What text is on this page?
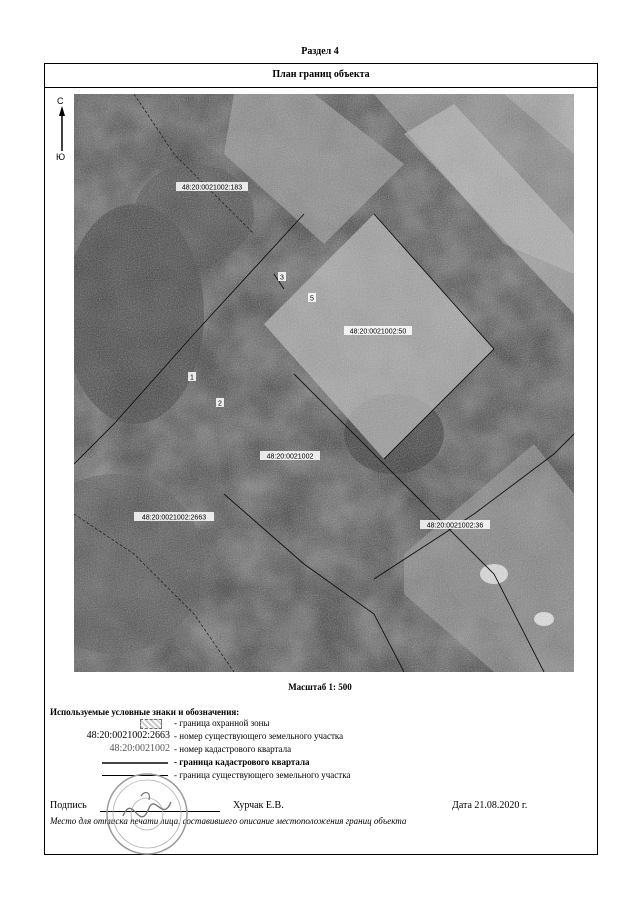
Раздел 4
План границ объекта
С
Ю
48:20:0021002:183
48:20:0021002:50
48:20:0021002
48:20:0021002:2663
48:20:0021002:36
3
5
1
2
Масштаб 1: 500
Используемые условные знаки и обозначения:
- граница охранной зоны
48:20:0021002:2663 - номер существующего земельного участка
48:20:0021002 - номер кадастрового квартала
- граница кадастрового квартала
- граница существующего земельного участка
Подпись	Хурчак Е.В.	Дата 21.08.2020 г.
Место для оттиска печати лица, составившего описание местоположения границ объекта
